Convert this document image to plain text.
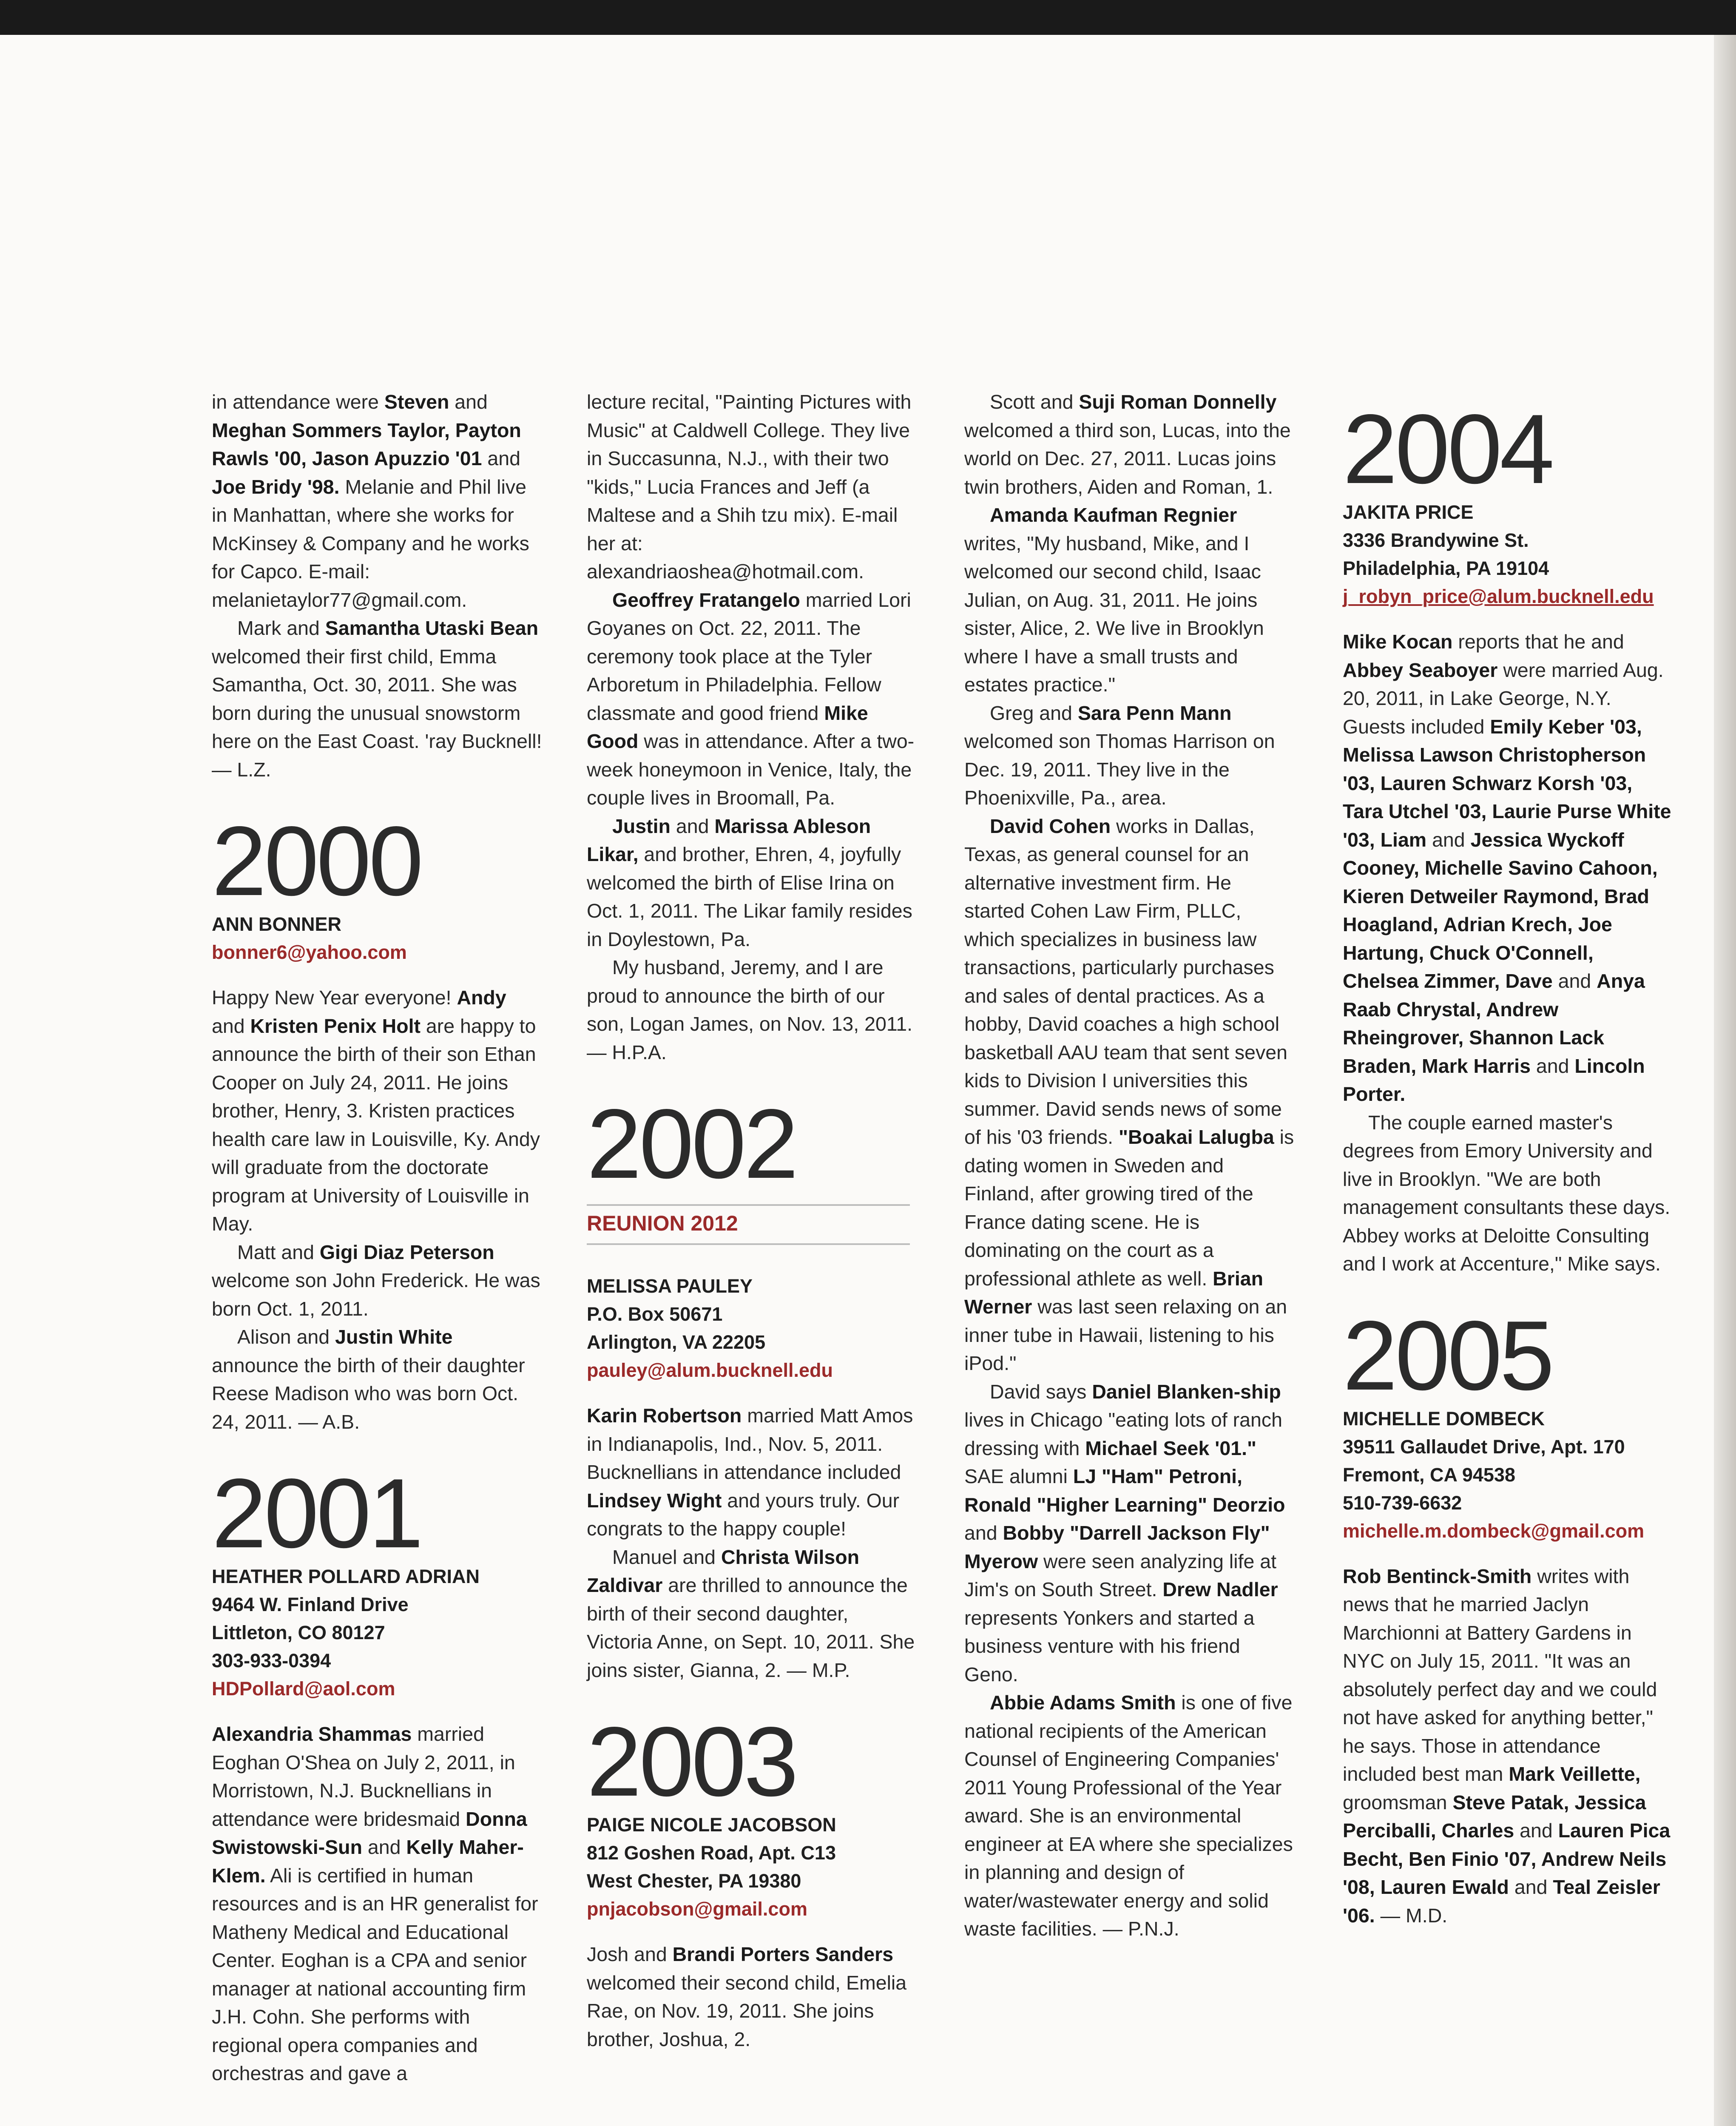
in attendance were Steven and Meghan Sommers Taylor, Payton Rawls '00, Jason Apuzzio '01 and Joe Bridy '98. Melanie and Phil live in Manhattan, where she works for McKinsey & Company and he works for Capco. E-mail: melanietaylor77@gmail.com.

Mark and Samantha Utaski Bean welcomed their first child, Emma Samantha, Oct. 30, 2011. She was born during the unusual snowstorm here on the East Coast. 'ray Bucknell! — L.Z.

2000

ANN BONNER

bonner6@yahoo.com

Happy New Year everyone! Andy and Kristen Penix Holt are happy to announce the birth of their son Ethan Cooper on July 24, 2011. He joins brother, Henry, 3. Kristen practices health care law in Louisville, Ky. Andy will graduate from the doctorate program at University of Louisville in May.

Matt and Gigi Diaz Peterson welcome son John Frederick. He was born Oct. 1, 2011.

Alison and Justin White announce the birth of their daughter Reese Madison who was born Oct. 24, 2011. — A.B.

2001

HEATHER POLLARD ADRIAN

9464 W. Finland Drive

Littleton, CO 80127

303-933-0394

HDPollard@aol.com

Alexandria Shammas married Eoghan O'Shea on July 2, 2011, in Morristown, N.J. Bucknellians in attendance were bridesmaid Donna Swistowski-Sun and Kelly Maher-Klem. Ali is certified in human resources and is an HR generalist for Matheny Medical and Educational Center. Eoghan is a CPA and senior manager at national accounting firm J.H. Cohn. She performs with regional opera companies and orchestras and gave a

lecture recital, "Painting Pictures with Music" at Caldwell College. They live in Succasunna, N.J., with their two "kids," Lucia Frances and Jeff (a Maltese and a Shih tzu mix). E-mail her at: alexandriaoshea@hotmail.com.

Geoffrey Fratangelo married Lori Goyanes on Oct. 22, 2011. The ceremony took place at the Tyler Arboretum in Philadelphia. Fellow classmate and good friend Mike Good was in attendance. After a two-week honeymoon in Venice, Italy, the couple lives in Broomall, Pa.

Justin and Marissa Ableson Likar, and brother, Ehren, 4, joyfully welcomed the birth of Elise Irina on Oct. 1, 2011. The Likar family resides in Doylestown, Pa.

My husband, Jeremy, and I are proud to announce the birth of our son, Logan James, on Nov. 13, 2011. — H.P.A.

2002

REUNION 2012

MELISSA PAULEY

P.O. Box 50671

Arlington, VA 22205

pauley@alum.bucknell.edu

Karin Robertson married Matt Amos in Indianapolis, Ind., Nov. 5, 2011. Bucknellians in attendance included Lindsey Wight and yours truly. Our congrats to the happy couple!

Manuel and Christa Wilson Zaldivar are thrilled to announce the birth of their second daughter, Victoria Anne, on Sept. 10, 2011. She joins sister, Gianna, 2. — M.P.

2003

PAIGE NICOLE JACOBSON

812 Goshen Road, Apt. C13

West Chester, PA 19380

pnjacobson@gmail.com

Josh and Brandi Porters Sanders welcomed their second child, Emelia Rae, on Nov. 19, 2011. She joins brother, Joshua, 2.

Scott and Suji Roman Donnelly welcomed a third son, Lucas, into the world on Dec. 27, 2011. Lucas joins twin brothers, Aiden and Roman, 1.

Amanda Kaufman Regnier writes, "My husband, Mike, and I welcomed our second child, Isaac Julian, on Aug. 31, 2011. He joins sister, Alice, 2. We live in Brooklyn where I have a small trusts and estates practice."

Greg and Sara Penn Mann welcomed son Thomas Harrison on Dec. 19, 2011. They live in the Phoenixville, Pa., area.

David Cohen works in Dallas, Texas, as general counsel for an alternative investment firm. He started Cohen Law Firm, PLLC, which specializes in business law transactions, particularly purchases and sales of dental practices. As a hobby, David coaches a high school basketball AAU team that sent seven kids to Division I universities this summer. David sends news of some of his '03 friends. "Boakai Lalugba is dating women in Sweden and Finland, after growing tired of the France dating scene. He is dominating on the court as a professional athlete as well. Brian Werner was last seen relaxing on an inner tube in Hawaii, listening to his iPod."

David says Daniel Blanken-ship lives in Chicago "eating lots of ranch dressing with Michael Seek '01." SAE alumni LJ "Ham" Petroni, Ronald "Higher Learning" Deorzio and Bobby "Darrell Jackson Fly" Myerow were seen analyzing life at Jim's on South Street. Drew Nadler represents Yonkers and started a business venture with his friend Geno.

Abbie Adams Smith is one of five national recipients of the American Counsel of Engineering Companies' 2011 Young Professional of the Year award. She is an environmental engineer at EA where she specializes in planning and design of water/wastewater energy and solid waste facilities. — P.N.J.

2004

JAKITA PRICE

3336 Brandywine St.

Philadelphia, PA 19104

j_robyn_price@alum.bucknell.edu

Mike Kocan reports that he and Abbey Seaboyer were married Aug. 20, 2011, in Lake George, N.Y. Guests included Emily Keber '03, Melissa Lawson Christopherson '03, Lauren Schwarz Korsh '03, Tara Utchel '03, Laurie Purse White '03, Liam and Jessica Wyckoff Cooney, Michelle Savino Cahoon, Kieren Detweiler Raymond, Brad Hoagland, Adrian Krech, Joe Hartung, Chuck O'Connell, Chelsea Zimmer, Dave and Anya Raab Chrystal, Andrew Rheingrover, Shannon Lack Braden, Mark Harris and Lincoln Porter.

The couple earned master's degrees from Emory University and live in Brooklyn. "We are both management consultants these days. Abbey works at Deloitte Consulting and I work at Accenture," Mike says.

2005

MICHELLE DOMBECK

39511 Gallaudet Drive, Apt. 170

Fremont, CA 94538

510-739-6632

michelle.m.dombeck@gmail.com

Rob Bentinck-Smith writes with news that he married Jaclyn Marchionni at Battery Gardens in NYC on July 15, 2011. "It was an absolutely perfect day and we could not have asked for anything better," he says. Those in attendance included best man Mark Veillette, groomsman Steve Patak, Jessica Perciballi, Charles and Lauren Pica Becht, Ben Finio '07, Andrew Neils '08, Lauren Ewald and Teal Zeisler '06. — M.D.
